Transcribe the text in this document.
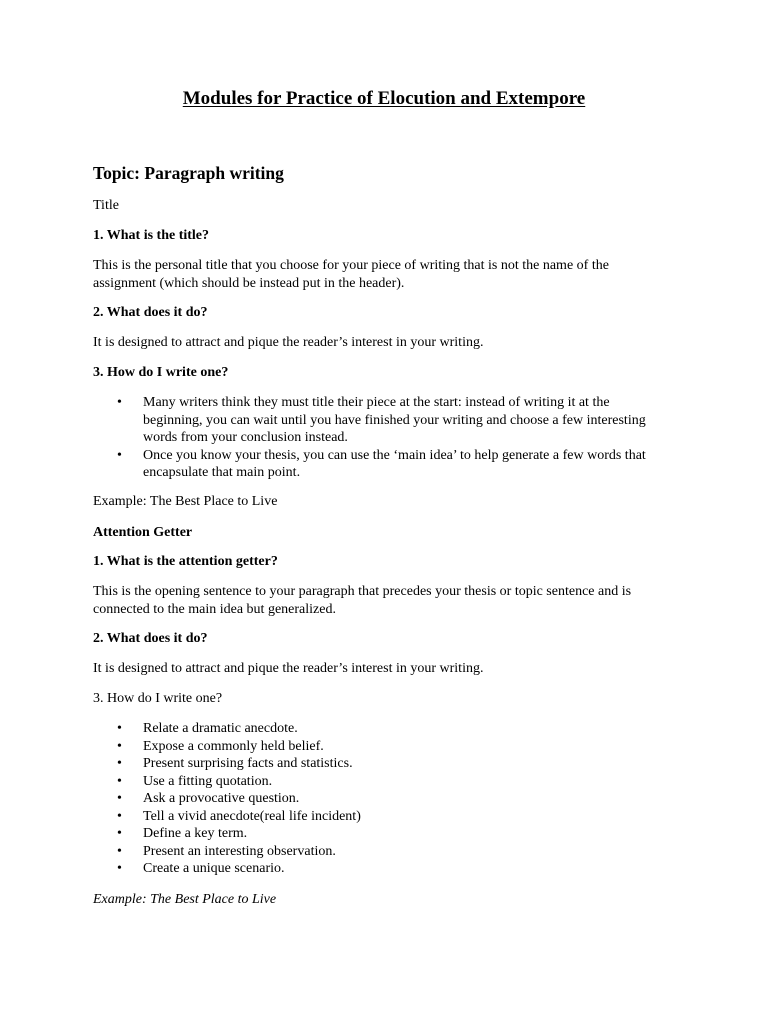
Modules for Practice of Elocution and Extempore
Topic: Paragraph writing

Title

1. What is the title?

This is the personal title that you choose for your piece of writing that is not the name of the

assignment (which should be instead put in the header).

2. What does it do?

It is designed to attract and pique the reader’s interest in your writing.

3. How do I write one?

• Many writers think they must title their piece at the start: instead of writing it at the
beginning, you can wait until you have finished your writing and choose a few interesting
words from your conclusion instead.
• Once you know your thesis, you can use the ‘main idea’ to help generate a few words that
encapsulate that main point.

Example: The Best Place to Live

Attention Getter

1. What is the attention getter?

This is the opening sentence to your paragraph that precedes your thesis or topic sentence and is

connected to the main idea but generalized.

2. What does it do?

It is designed to attract and pique the reader’s interest in your writing.

3. How do I write one?

• Relate a dramatic anecdote.
• Expose a commonly held belief.
• Present surprising facts and statistics.
• Use a fitting quotation.
• Ask a provocative question.
• Tell a vivid anecdote(real life incident)
• Define a key term.
• Present an interesting observation.
• Create a unique scenario.

Example: The Best Place to Live
